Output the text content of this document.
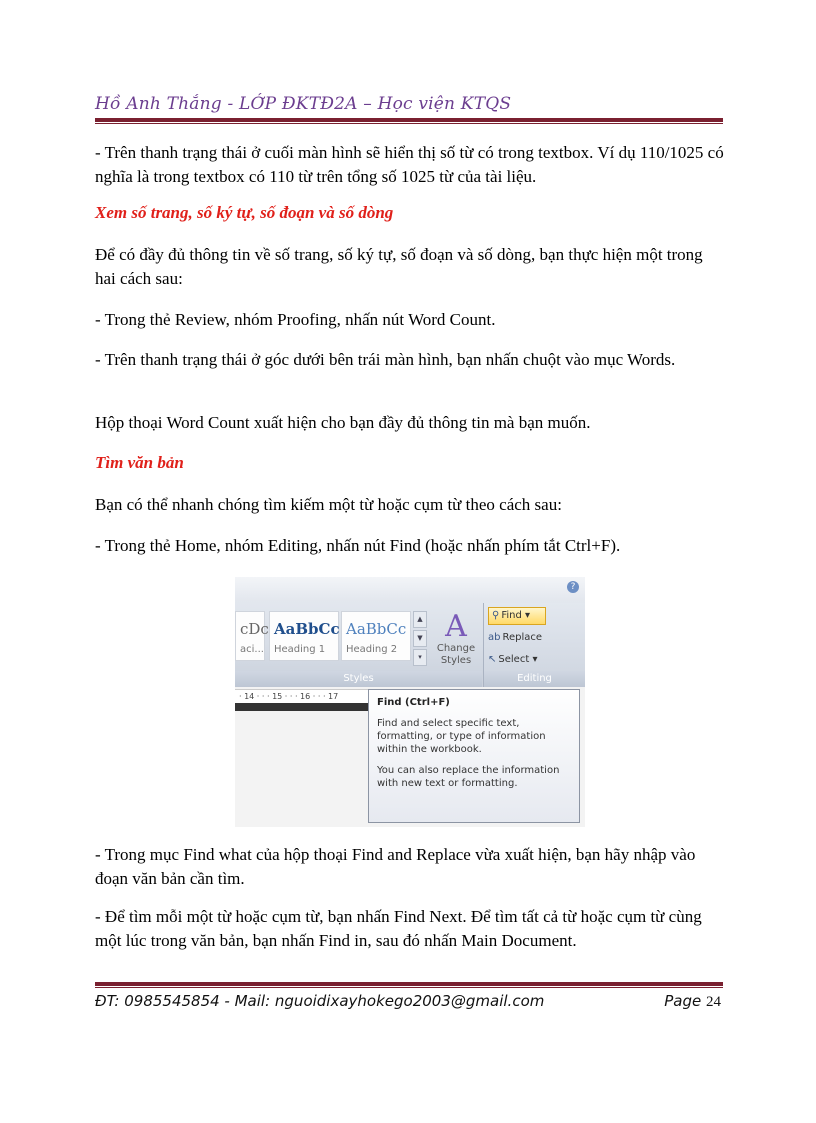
Hồ Anh Thắng - LỚP ĐKTĐ2A – Học viện KTQS
- Trên thanh trạng thái ở cuối màn hình sẽ hiển thị số từ có trong textbox. Ví dụ 110/1025 có nghĩa là trong textbox có 110 từ trên tổng số 1025 từ của tài liệu.
Xem số trang, số ký tự, số đoạn và số dòng
Để có đầy đủ thông tin về số trang, số ký tự, số đoạn và số dòng, bạn thực hiện một trong hai cách sau:
- Trong thẻ Review, nhóm Proofing, nhấn nút Word Count.
- Trên thanh trạng thái ở góc dưới bên trái màn hình, bạn nhấn chuột vào mục Words.
Hộp thoại Word Count xuất hiện cho bạn đầy đủ thông tin mà bạn muốn.
Tìm văn bản
Bạn có thể nhanh chóng tìm kiếm một từ hoặc cụm từ theo cách sau:
- Trong thẻ Home, nhóm Editing, nhấn nút Find (hoặc nhấn phím tắt Ctrl+F).
?
cDc
aci...
AaBbCc
Heading 1
AaBbCc
Heading 2
▲
▼
▾
A
Change
Styles
Styles
⚲ Find ▾
ab Replace
↖ Select ▾
Editing
· 14 · · · 15 · · · 16 · · · 17
Find (Ctrl+F)
Find and select specific text, formatting, or type of information within the workbook.
You can also replace the information with new text or formatting.
- Trong mục Find what của hộp thoại Find and Replace vừa xuất hiện, bạn hãy nhập vào đoạn văn bản cần tìm.
- Để tìm mỗi một từ hoặc cụm từ, bạn nhấn Find Next. Để tìm tất cả từ hoặc cụm từ cùng một lúc trong văn bản, bạn nhấn Find in, sau đó nhấn Main Document.
ĐT: 0985545854 - Mail: nguoidixayhokego2003@gmail.com	Page 24
